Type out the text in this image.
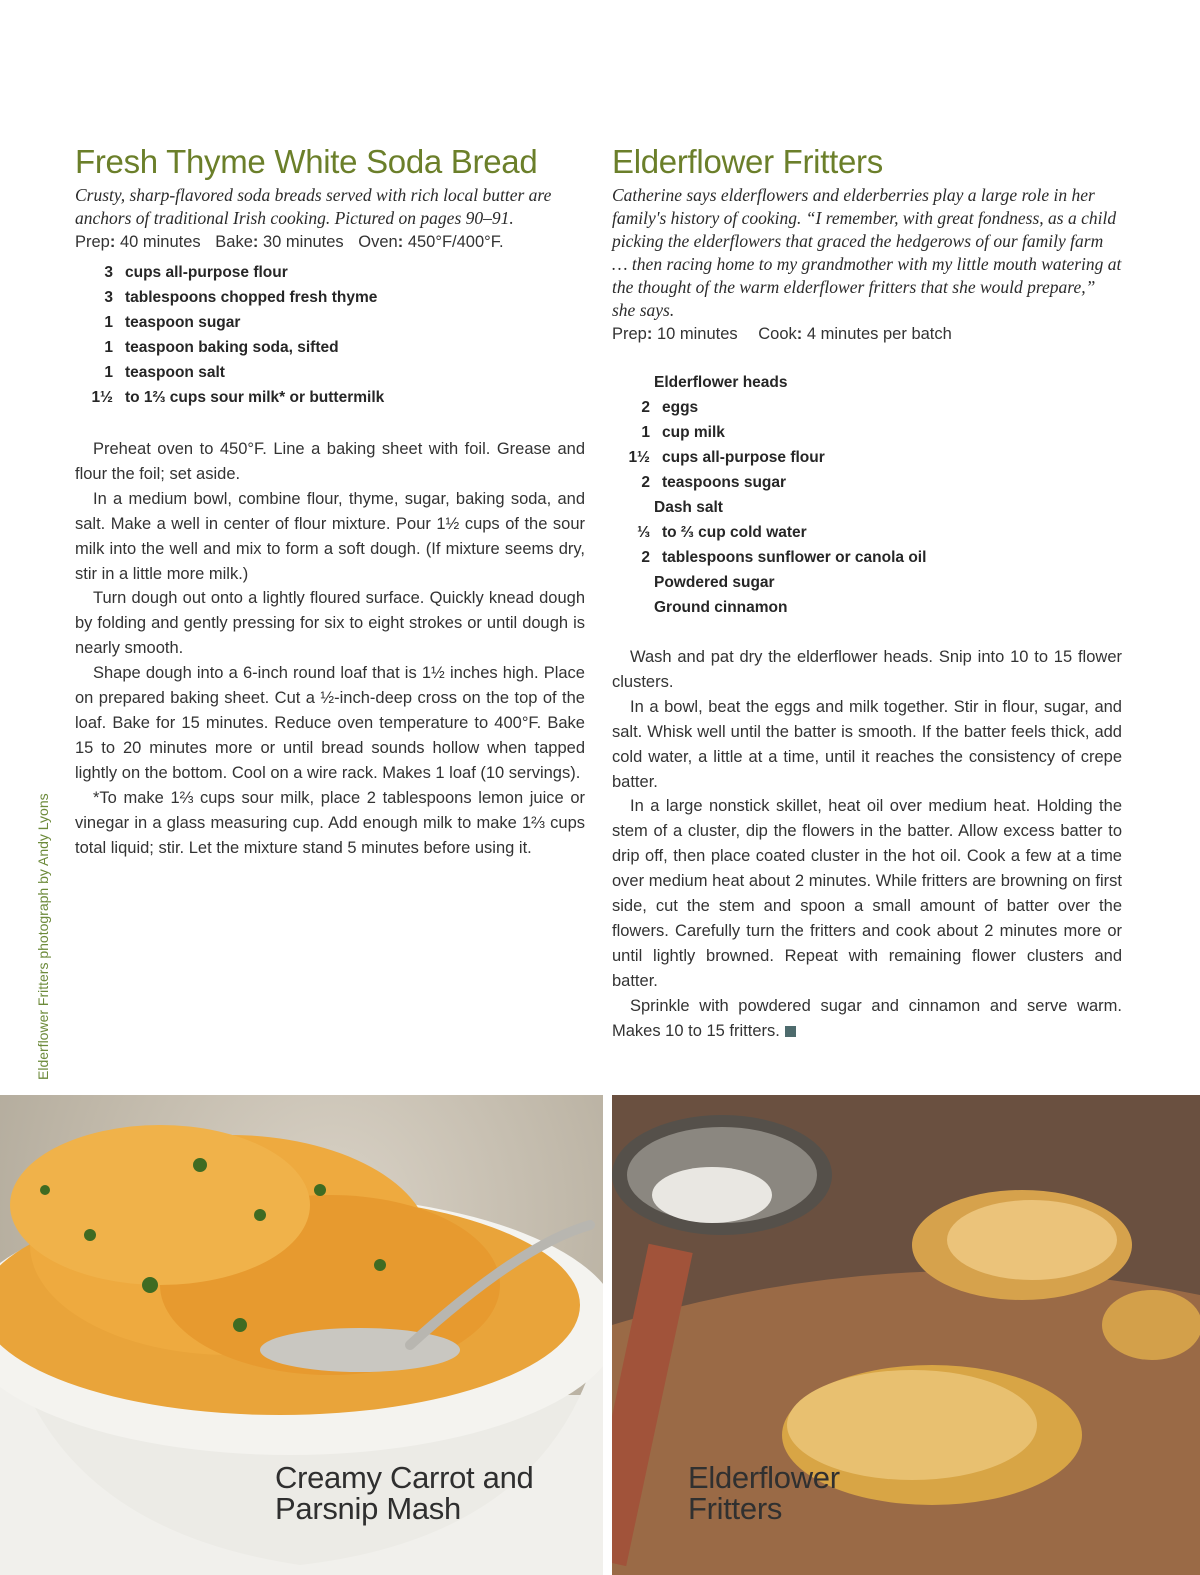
Fresh Thyme White Soda Bread

Crusty, sharp-flavored soda breads served with rich local butter are anchors of traditional Irish cooking. Pictured on pages 90–91.

Prep: 40 minutes Bake: 30 minutes Oven: 450°F/400°F.

3 cups all-purpose flour
3 tablespoons chopped fresh thyme
1 teaspoon sugar
1 teaspoon baking soda, sifted
1 teaspoon salt
1½ to 1⅔ cups sour milk* or buttermilk

Preheat oven to 450°F. Line a baking sheet with foil. Grease and flour the foil; set aside.

In a medium bowl, combine flour, thyme, sugar, baking soda, and salt. Make a well in center of flour mixture. Pour 1½ cups of the sour milk into the well and mix to form a soft dough. (If mixture seems dry, stir in a little more milk.)

Turn dough out onto a lightly floured surface. Quickly knead dough by folding and gently pressing for six to eight strokes or until dough is nearly smooth.

Shape dough into a 6-inch round loaf that is 1½ inches high. Place on prepared baking sheet. Cut a ½-inch-deep cross on the top of the loaf. Bake for 15 minutes. Reduce oven temperature to 400°F. Bake 15 to 20 minutes more or until bread sounds hollow when tapped lightly on the bottom. Cool on a wire rack. Makes 1 loaf (10 servings).

*To make 1⅔ cups sour milk, place 2 tablespoons lemon juice or vinegar in a glass measuring cup. Add enough milk to make 1⅔ cups total liquid; stir. Let the mixture stand 5 minutes before using it.

Elderflower Fritters

Catherine says elderflowers and elderberries play a large role in her family's history of cooking. “I remember, with great fondness, as a child picking the elderflowers that graced the hedgerows of our family farm … then racing home to my grandmother with my little mouth watering at the thought of the warm elderflower fritters that she would prepare,” she says.

Prep: 10 minutes Cook: 4 minutes per batch

Elderflower heads
2 eggs
1 cup milk
1½ cups all-purpose flour
2 teaspoons sugar
Dash salt
⅓ to ⅔ cup cold water
2 tablespoons sunflower or canola oil
Powdered sugar
Ground cinnamon

Wash and pat dry the elderflower heads. Snip into 10 to 15 flower clusters.

In a bowl, beat the eggs and milk together. Stir in flour, sugar, and salt. Whisk well until the batter is smooth. If the batter feels thick, add cold water, a little at a time, until it reaches the consistency of crepe batter.

In a large nonstick skillet, heat oil over medium heat. Holding the stem of a cluster, dip the flowers in the batter. Allow excess batter to drip off, then place coated cluster in the hot oil. Cook a few at a time over medium heat about 2 minutes. While fritters are browning on first side, cut the stem and spoon a small amount of batter over the flowers. Carefully turn the fritters and cook about 2 minutes more or until lightly browned. Repeat with remaining flower clusters and batter.

Sprinkle with powdered sugar and cinnamon and serve warm. Makes 10 to 15 fritters.

Elderflower Fritters photograph by Andy Lyons
Creamy Carrot and
Parsnip Mash
Elderflower
Fritters
